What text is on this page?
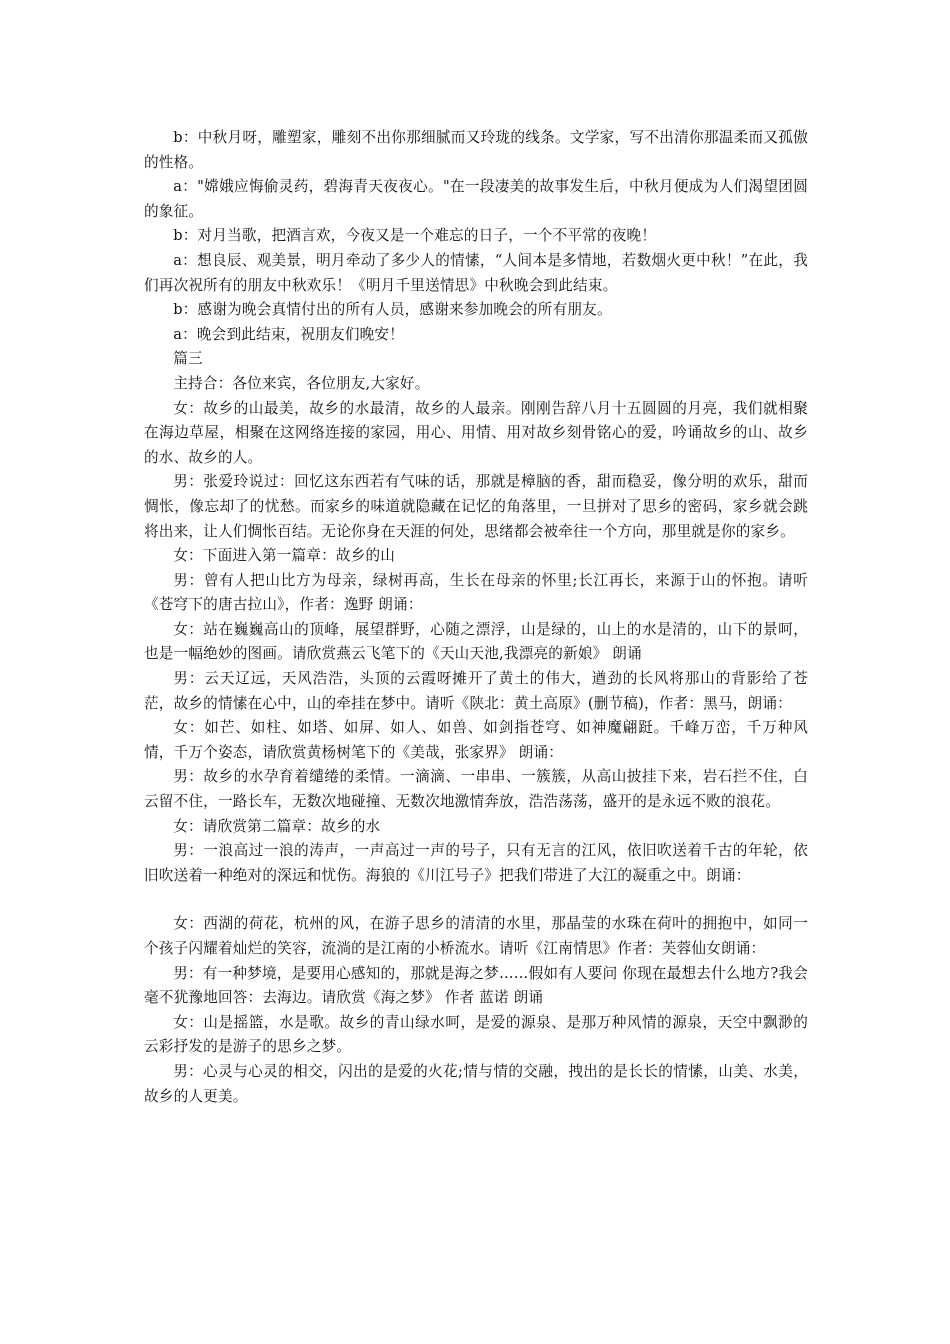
b：中秋月呀，雕塑家，雕刻不出你那细腻而又玲珑的线条。文学家，写不出清你那温柔而又孤傲的性格。

a："嫦娥应悔偷灵药，碧海青天夜夜心。"在一段凄美的故事发生后，中秋月便成为人们渴望团圆的象征。

b：对月当歌，把酒言欢，今夜又是一个难忘的日子，一个不平常的夜晚！

a：想良辰、观美景，明月牵动了多少人的情愫，“人间本是多情地，若数烟火更中秋！”在此，我们再次祝所有的朋友中秋欢乐！《明月千里送情思》中秋晚会到此结束。

b：感谢为晚会真情付出的所有人员，感谢来参加晚会的所有朋友。

a：晚会到此结束，祝朋友们晚安！

篇三

主持合：各位来宾，各位朋友,大家好。

女：故乡的山最美，故乡的水最清，故乡的人最亲。刚刚告辞八月十五圆圆的月亮，我们就相聚在海边草屋，相聚在这网络连接的家园，用心、用情、用对故乡刻骨铭心的爱，吟诵故乡的山、故乡的水、故乡的人。

男：张爱玲说过：回忆这东西若有气味的话，那就是樟脑的香，甜而稳妥，像分明的欢乐，甜而惆怅，像忘却了的忧愁。而家乡的味道就隐藏在记忆的角落里，一旦拼对了思乡的密码，家乡就会跳将出来，让人们惆怅百结。无论你身在天涯的何处，思绪都会被牵往一个方向，那里就是你的家乡。

女：下面进入第一篇章：故乡的山

男：曾有人把山比方为母亲，绿树再高，生长在母亲的怀里;长江再长，来源于山的怀抱。请听《苍穹下的唐古拉山》，作者：逸野 朗诵：

女：站在巍巍高山的顶峰，展望群野，心随之漂浮，山是绿的，山上的水是清的，山下的景呵，也是一幅绝妙的图画。请欣赏燕云飞笔下的《天山天池,我漂亮的新娘》 朗诵

男：云天辽远，天风浩浩，头顶的云霞呀摊开了黄土的伟大，遒劲的长风将那山的背影给了苍茫，故乡的情愫在心中，山的牵挂在梦中。请听《陕北：黄土高原》(删节稿)，作者：黑马，朗诵：

女：如芒、如柱、如塔、如屏、如人、如兽、如剑指苍穹、如神魔翩跹。千峰万峦，千万种风情，千万个姿态，请欣赏黄杨树笔下的《美哉，张家界》 朗诵：

男：故乡的水孕育着缱绻的柔情。一滴滴、一串串、一簇簇，从高山披挂下来，岩石拦不住，白云留不住，一路长车，无数次地碰撞、无数次地激情奔放，浩浩荡荡，盛开的是永远不败的浪花。

女：请欣赏第二篇章：故乡的水

男：一浪高过一浪的涛声，一声高过一声的号子，只有无言的江风，依旧吹送着千古的年轮，依旧吹送着一种绝对的深远和忧伤。海狼的《川江号子》把我们带进了大江的凝重之中。朗诵：

女：西湖的荷花，杭州的风，在游子思乡的清清的水里，那晶莹的水珠在荷叶的拥抱中，如同一个孩子闪耀着灿烂的笑容，流淌的是江南的小桥流水。请听《江南情思》作者：芙蓉仙女朗诵：

男：有一种梦境，是要用心感知的，那就是海之梦……假如有人要问 你现在最想去什么地方?我会毫不犹豫地回答：去海边。请欣赏《海之梦》 作者 蓝诺 朗诵

女：山是摇篮，水是歌。故乡的青山绿水呵，是爱的源泉、是那万种风情的源泉，天空中飘渺的云彩抒发的是游子的思乡之梦。

男：心灵与心灵的相交，闪出的是爱的火花;情与情的交融，拽出的是长长的情愫，山美、水美，故乡的人更美。
